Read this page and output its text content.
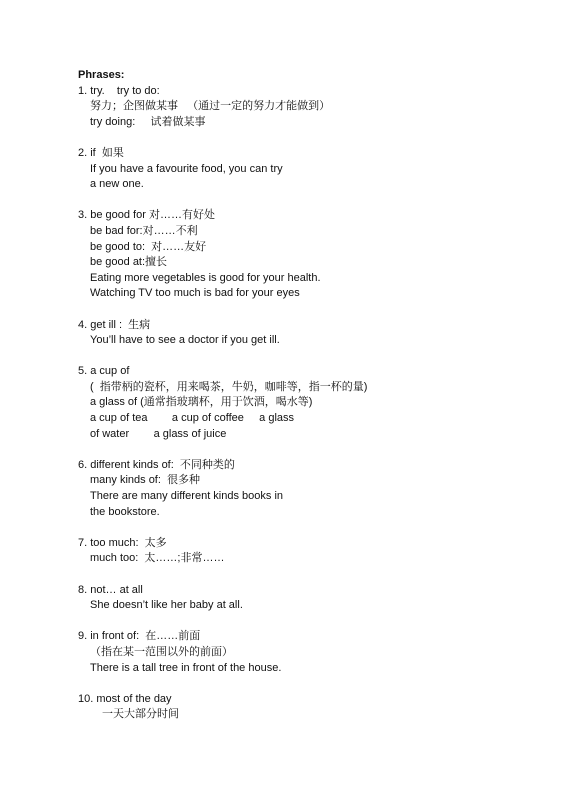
Phrases:
1. try.    try to do:
努力；企图做某事   （通过一定的努力才能做到）
try doing:     试着做某事
2. if  如果
If you have a favourite food, you can try
a new one.
3. be good for 对……有好处
be bad for:对……不利
be good to:  对……友好
be good at:擅长
Eating more vegetables is good for your health.
Watching TV too much is bad for your eyes
4. get ill :  生病
You’ll have to see a doctor if you get ill.
5. a cup of
(  指带柄的瓷杯，用来喝茶，牛奶，咖啡等，指一杯的量)
a glass of (通常指玻璃杯，用于饮酒，喝水等)
a cup of tea        a cup of coffee     a glass
of water        a glass of juice
6. different kinds of:  不同种类的
many kinds of:  很多种
There are many different kinds books in
the bookstore.
7. too much:  太多
much too:  太……;非常……
8. not… at all
She doesn’t like her baby at all.
9. in front of:  在……前面
（指在某一范围以外的前面）
There is a tall tree in front of the house.
10. most of the day
一天大部分时间
